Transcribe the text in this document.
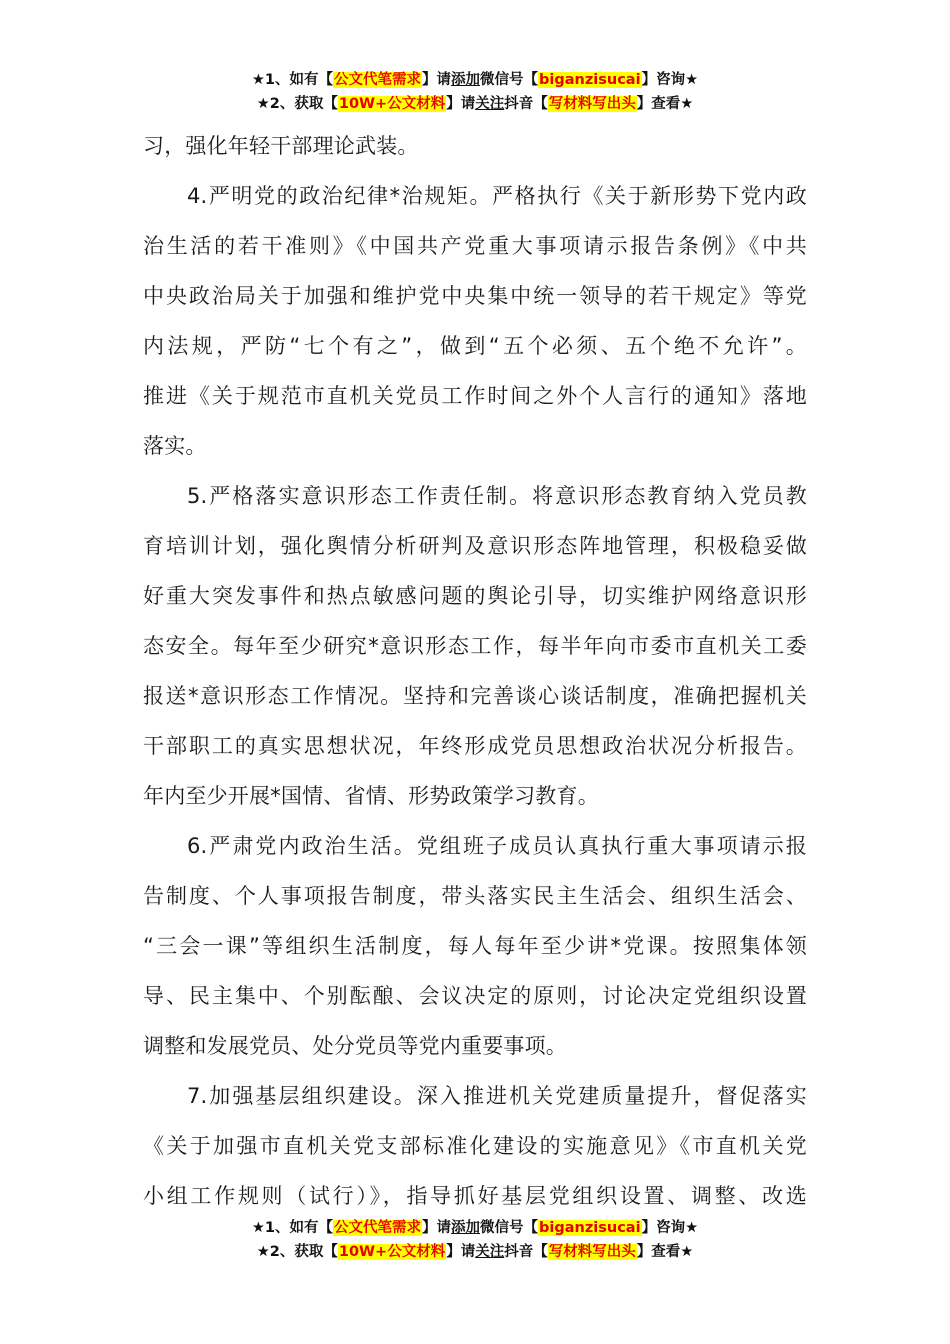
★1、如有【公文代笔需求】请添加微信号【biganzisucai】咨询★
★2、获取【10W+公文材料】请关注抖音【写材料写出头】查看★
习，强化年轻干部理论武装。
4.严明党的政治纪律*治规矩。严格执行《关于新形势下党内政
治生活的若干准则》《中国共产党重大事项请示报告条例》《中共
中央政治局关于加强和维护党中央集中统一领导的若干规定》等党
内法规，严防“七个有之”，做到“五个必须、五个绝不允许”。
推进《关于规范市直机关党员工作时间之外个人言行的通知》落地
落实。
5.严格落实意识形态工作责任制。将意识形态教育纳入党员教
育培训计划，强化舆情分析研判及意识形态阵地管理，积极稳妥做
好重大突发事件和热点敏感问题的舆论引导，切实维护网络意识形
态安全。每年至少研究*意识形态工作，每半年向市委市直机关工委
报送*意识形态工作情况。坚持和完善谈心谈话制度，准确把握机关
干部职工的真实思想状况，年终形成党员思想政治状况分析报告。
年内至少开展*国情、省情、形势政策学习教育。
6.严肃党内政治生活。党组班子成员认真执行重大事项请示报
告制度、个人事项报告制度，带头落实民主生活会、组织生活会、
“三会一课”等组织生活制度，每人每年至少讲*党课。按照集体领
导、民主集中、个别酝酿、会议决定的原则，讨论决定党组织设置
调整和发展党员、处分党员等党内重要事项。
7.加强基层组织建设。深入推进机关党建质量提升，督促落实
《关于加强市直机关党支部标准化建设的实施意见》《市直机关党
小组工作规则（试行）》，指导抓好基层党组织设置、调整、改选
★1、如有【公文代笔需求】请添加微信号【biganzisucai】咨询★
★2、获取【10W+公文材料】请关注抖音【写材料写出头】查看★
